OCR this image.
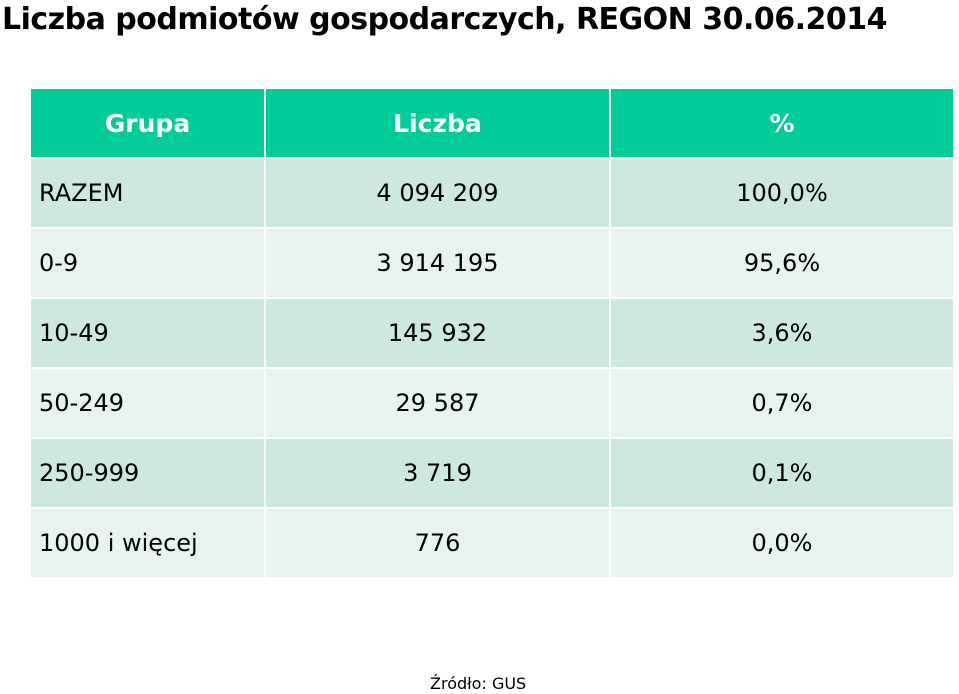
Liczba podmiotów gospodarczych, REGON 30.06.2014
Grupa	Liczba	%
RAZEM	4 094 209	100,0%
0-9	3 914 195	95,6%
10-49	145 932	3,6%
50-249	29 587	0,7%
250-999	3 719	0,1%
1000 i więcej	776	0,0%
Źródło: GUS
